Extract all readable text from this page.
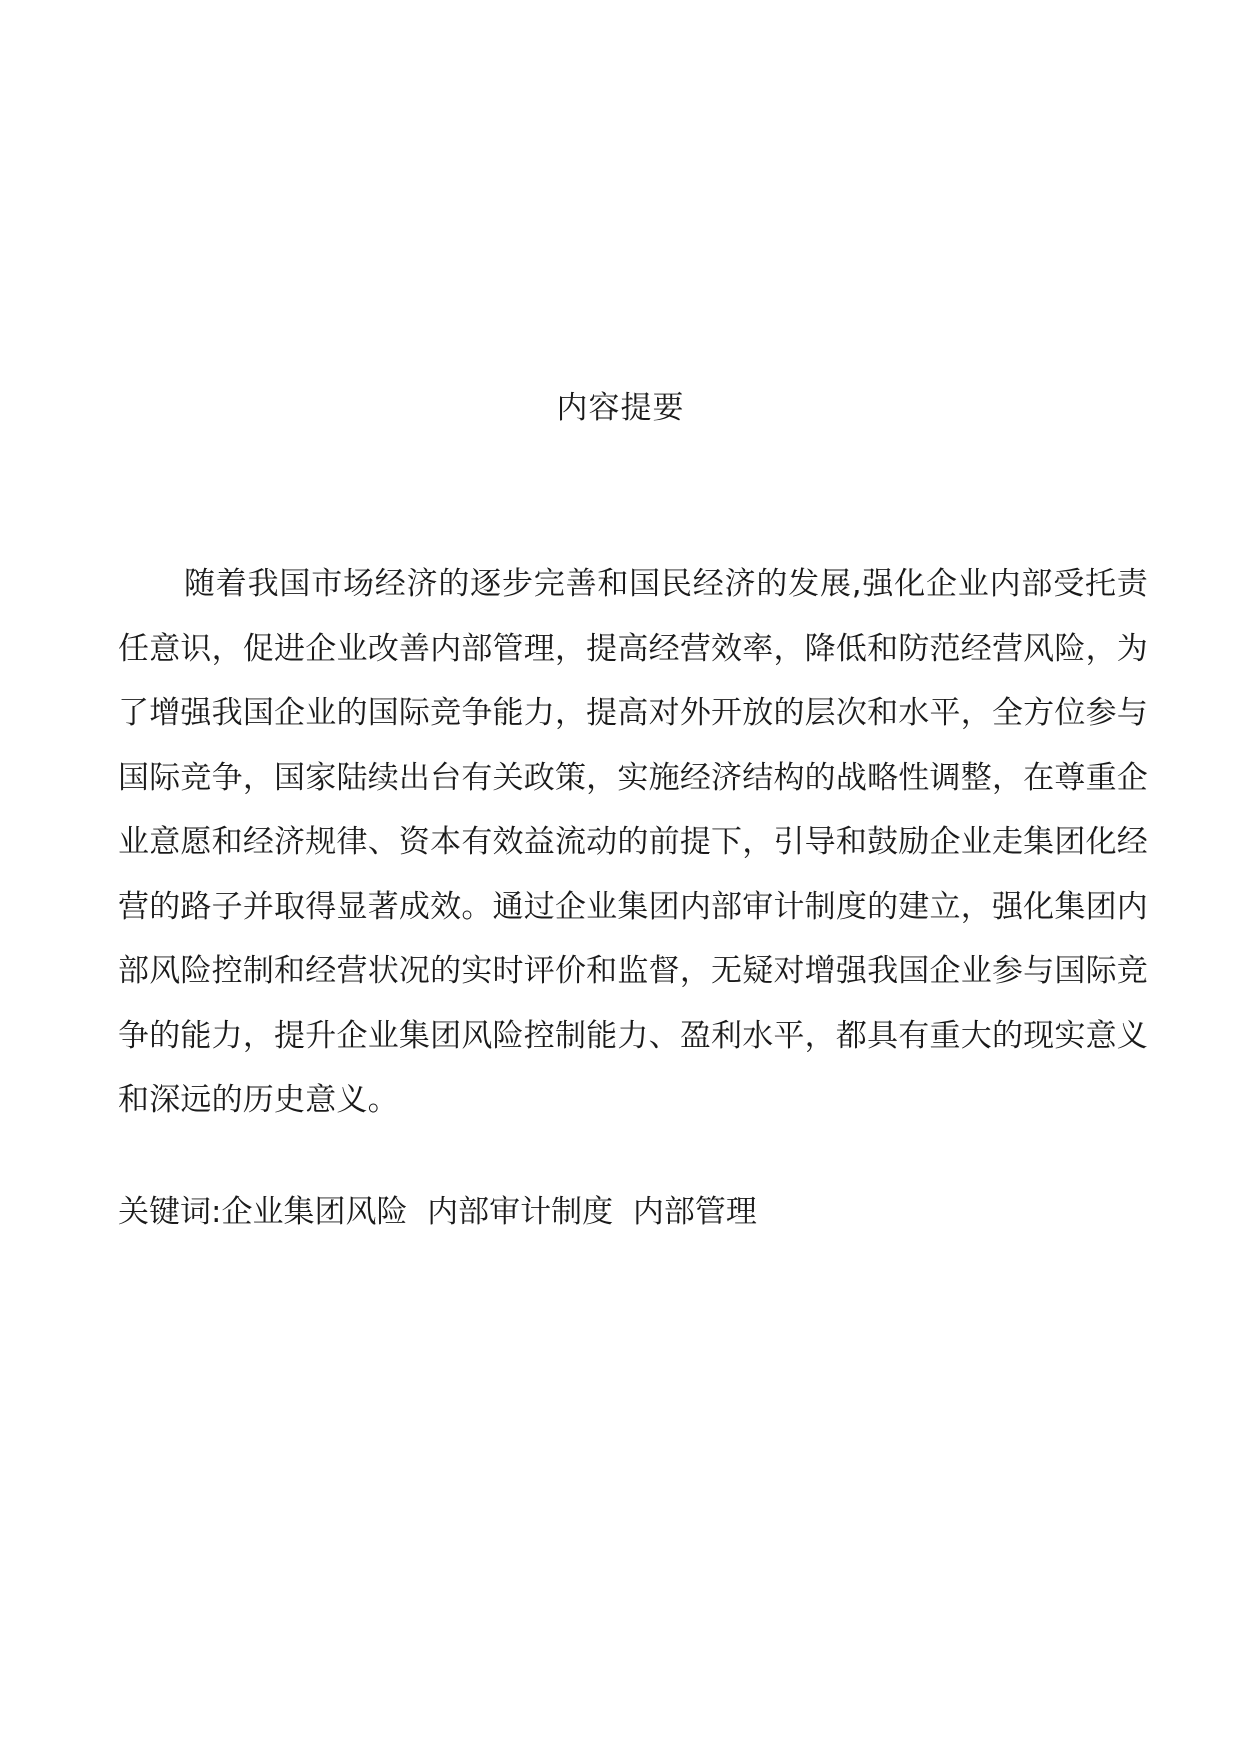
内容提要

随着我国市场经济的逐步完善和国民经济的发展,强化企业内部受托责任意识，促进企业改善内部管理，提高经营效率，降低和防范经营风险，为了增强我国企业的国际竞争能力，提高对外开放的层次和水平，全方位参与国际竞争，国家陆续出台有关政策，实施经济结构的战略性调整，在尊重企业意愿和经济规律、资本有效益流动的前提下，引导和鼓励企业走集团化经营的路子并取得显著成效。通过企业集团内部审计制度的建立，强化集团内部风险控制和经营状况的实时评价和监督，无疑对增强我国企业参与国际竞争的能力，提升企业集团风险控制能力、盈利水平，都具有重大的现实意义和深远的历史意义。

关键词:企业集团风险  内部审计制度  内部管理
